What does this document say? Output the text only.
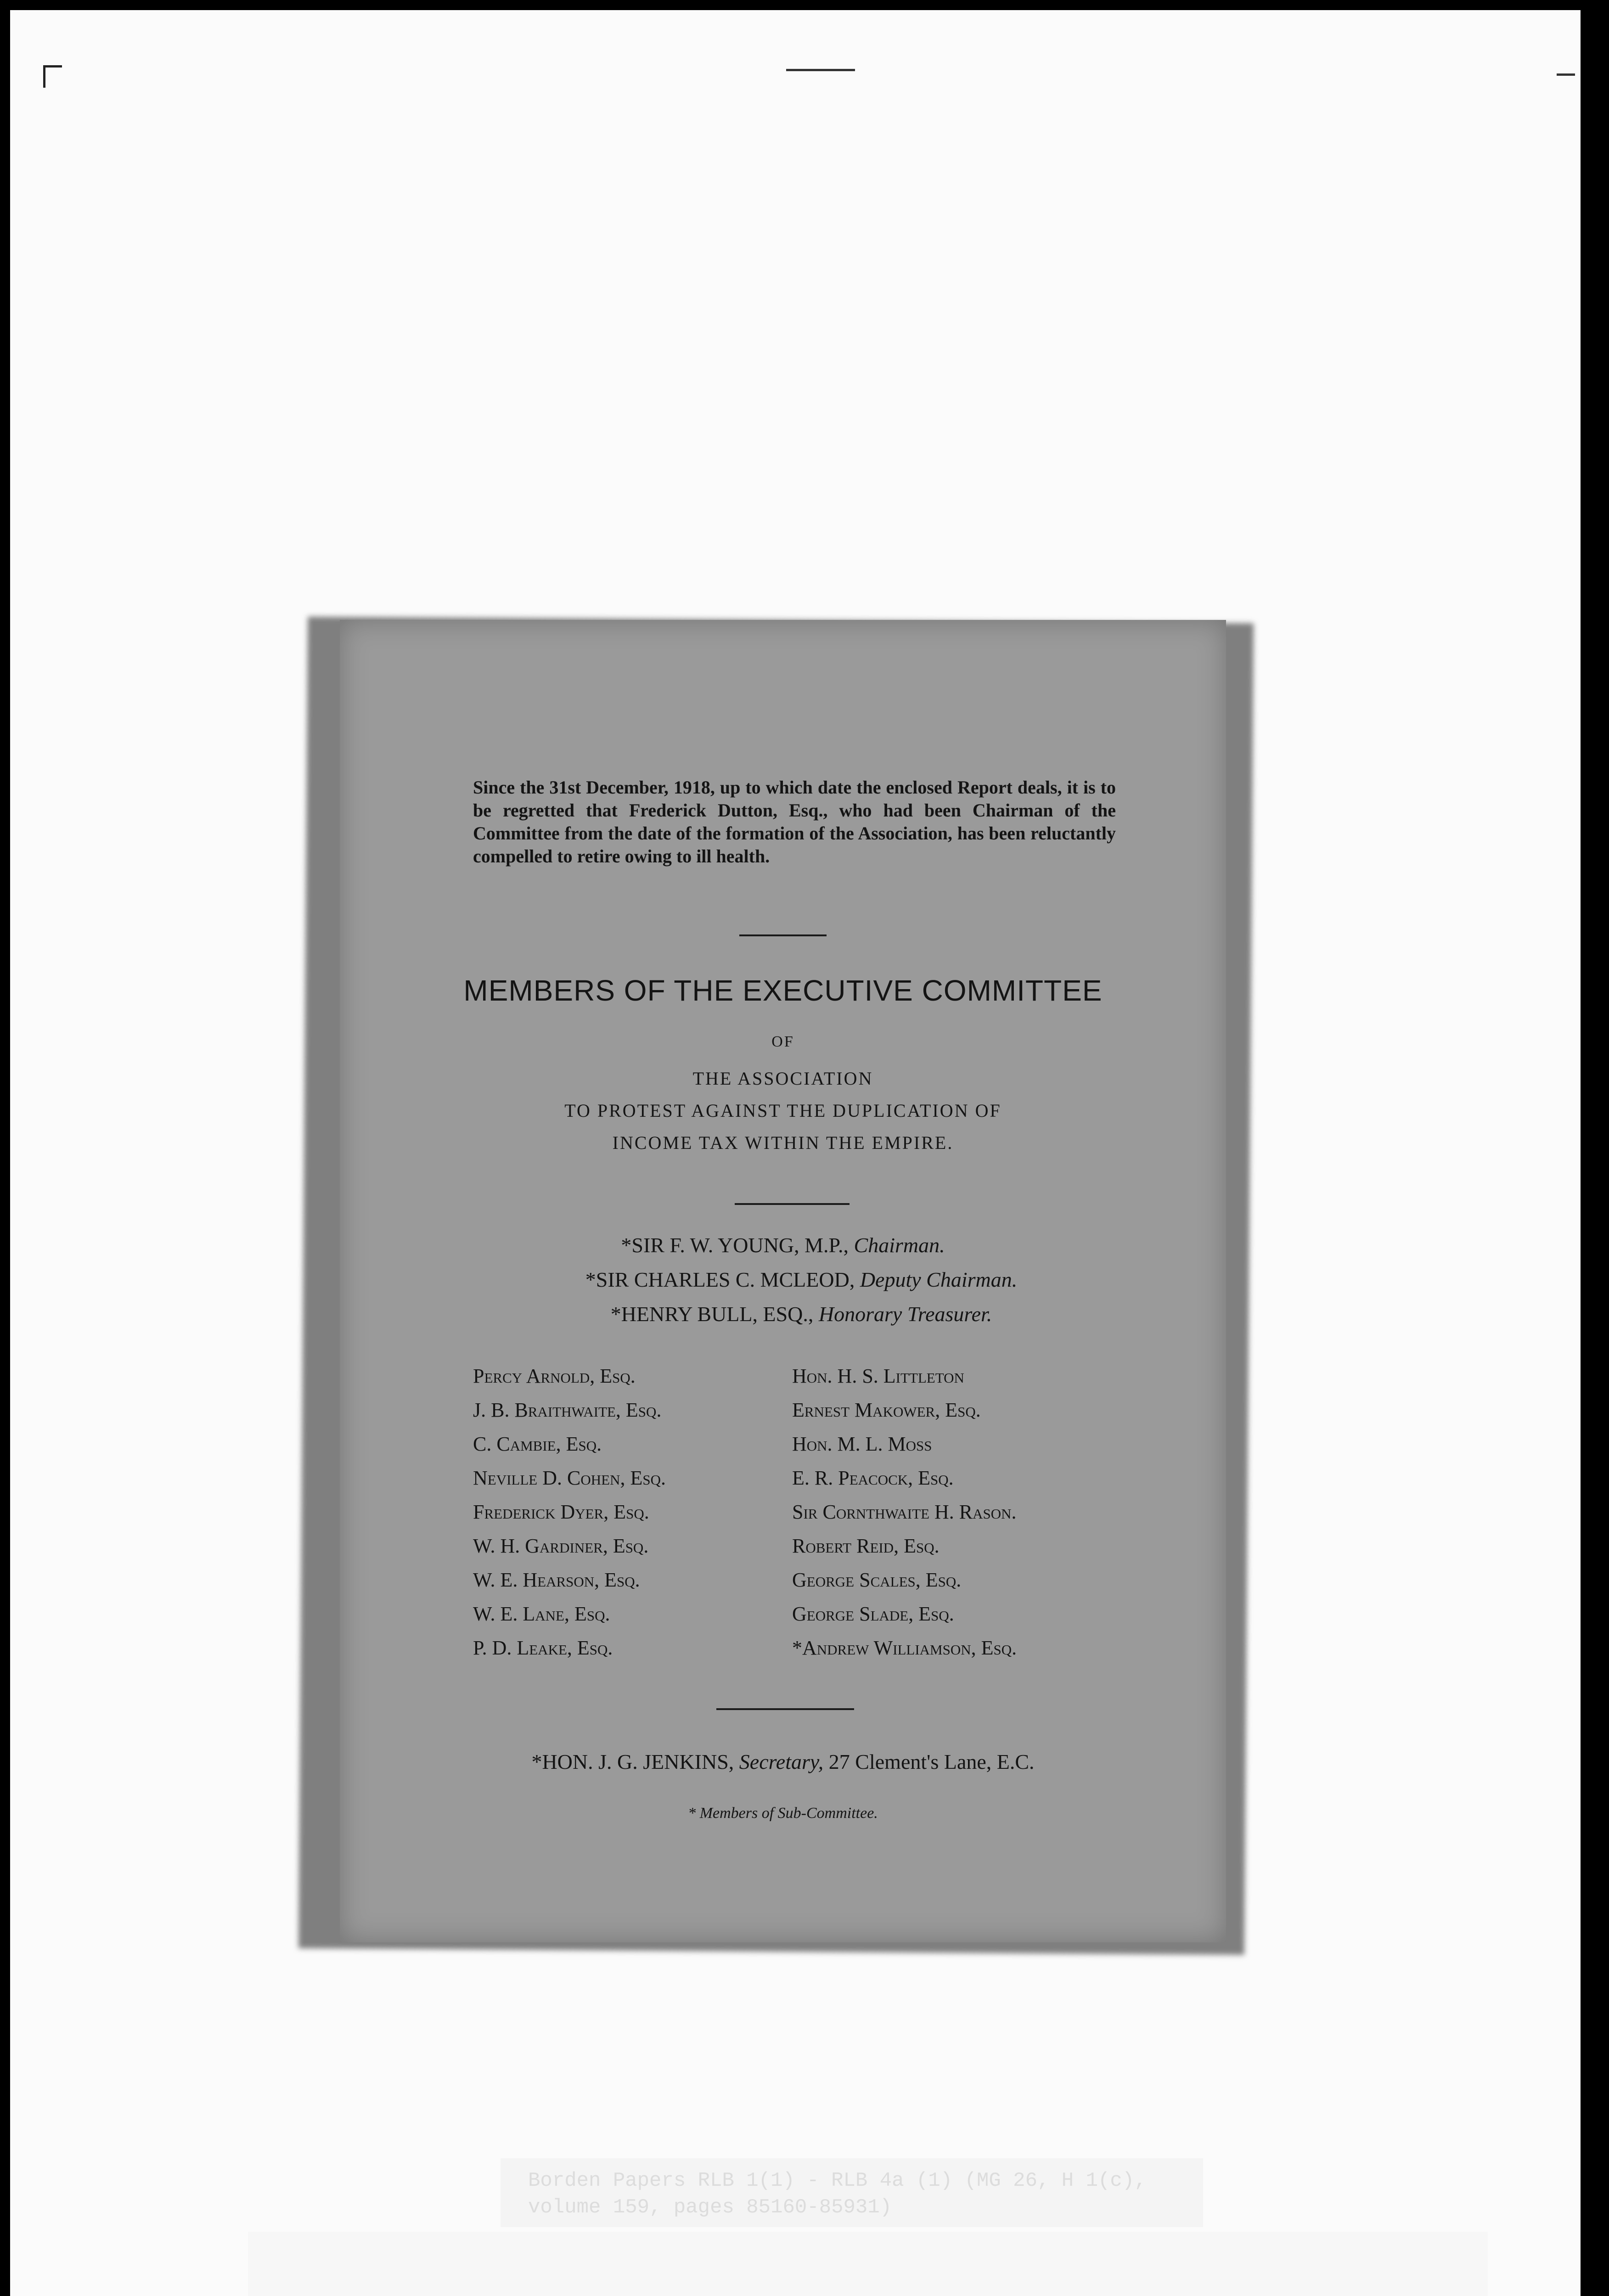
Since the 31st December, 1918, up to which date the enclosed Report deals, it is to be regretted that Frederick Dutton, Esq., who had been Chairman of the Committee from the date of the formation of the Association, has been reluctantly compelled to retire owing to ill health.
MEMBERS OF THE EXECUTIVE COMMITTEE
OF
THE ASSOCIATION
TO PROTEST AGAINST THE DUPLICATION OF
INCOME TAX WITHIN THE EMPIRE.
*SIR F. W. YOUNG, M.P., Chairman.
*SIR CHARLES C. MCLEOD, Deputy Chairman.
*HENRY BULL, ESQ., Honorary Treasurer.
Percy Arnold, Esq.
J. B. Braithwaite, Esq.
C. Cambie, Esq.
Neville D. Cohen, Esq.
Frederick Dyer, Esq.
W. H. Gardiner, Esq.
W. E. Hearson, Esq.
W. E. Lane, Esq.
P. D. Leake, Esq.
Hon. H. S. Littleton
Ernest Makower, Esq.
Hon. M. L. Moss
E. R. Peacock, Esq.
Sir Cornthwaite H. Rason.
Robert Reid, Esq.
George Scales, Esq.
George Slade, Esq.
*Andrew Williamson, Esq.
*HON. J. G. JENKINS, Secretary, 27 Clement's Lane, E.C.
* Members of Sub-Committee.
Borden Papers RLB 1(1) - RLB 4a (1) (MG 26, H 1(c), volume 159, pages 85160-85931)
